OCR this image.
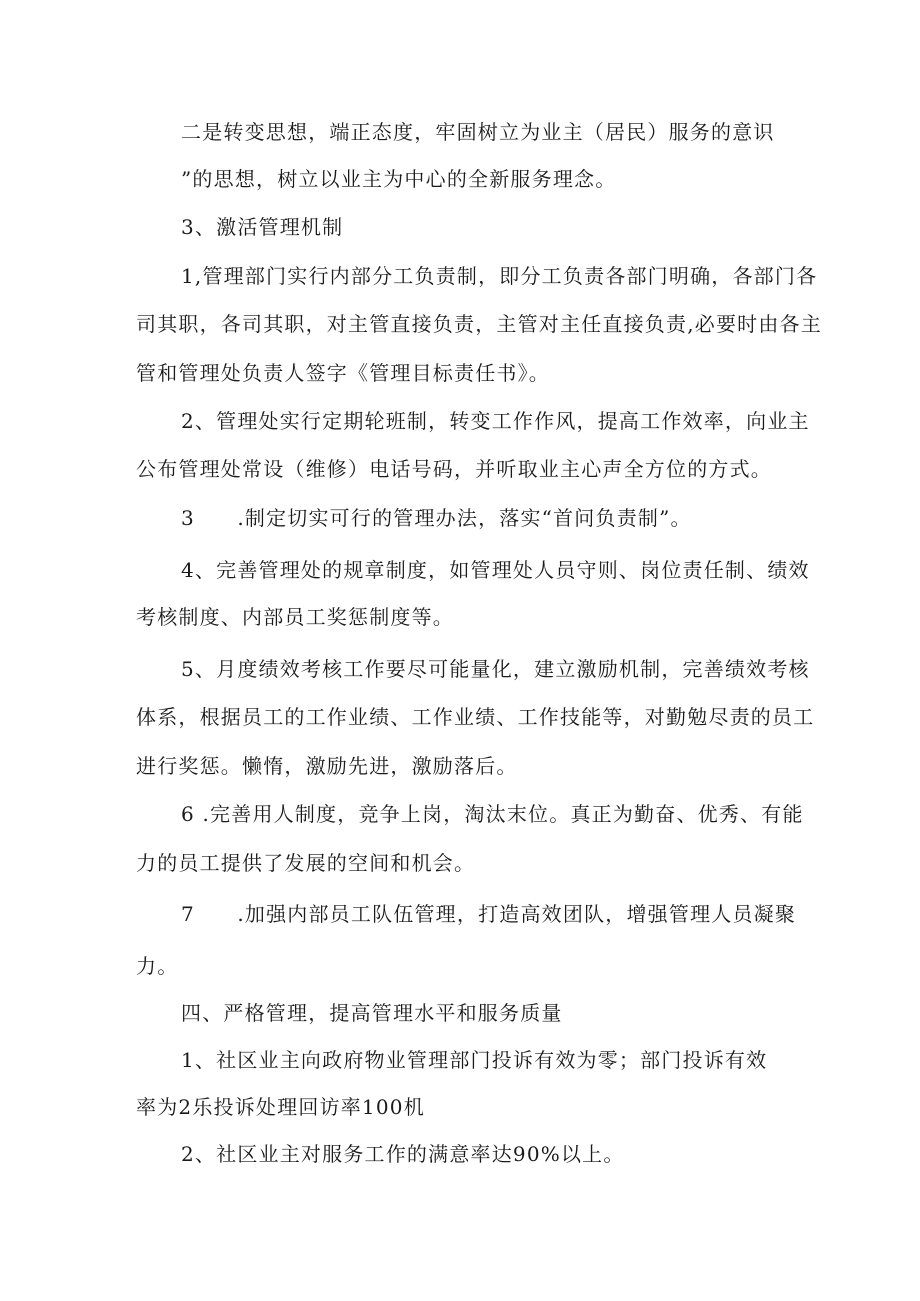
二是转变思想，端正态度，牢固树立为业主（居民）服务的意识
”的思想，树立以业主为中心的全新服务理念。
3、激活管理机制
1,管理部门实行内部分工负责制，即分工负责各部门明确，各部门各
司其职，各司其职，对主管直接负责，主管对主任直接负责,必要时由各主
管和管理处负责人签字《管理目标责任书》。
2、管理处实行定期轮班制，转变工作作风，提高工作效率，向业主
公布管理处常设（维修）电话号码，并听取业主心声全方位的方式。
3　　.制定切实可行的管理办法，落实“首问负责制”。
4、完善管理处的规章制度，如管理处人员守则、岗位责任制、绩效
考核制度、内部员工奖惩制度等。
5、月度绩效考核工作要尽可能量化，建立激励机制，完善绩效考核
体系，根据员工的工作业绩、工作业绩、工作技能等，对勤勉尽责的员工
进行奖惩。懒惰，激励先进，激励落后。
6 .完善用人制度，竞争上岗，淘汰末位。真正为勤奋、优秀、有能
力的员工提供了发展的空间和机会。
7　　.加强内部员工队伍管理，打造高效团队，增强管理人员凝聚
力。
四、严格管理，提高管理水平和服务质量
1、社区业主向政府物业管理部门投诉有效为零；部门投诉有效
率为2乐投诉处理回访率100机
2、社区业主对服务工作的满意率达90%以上。
